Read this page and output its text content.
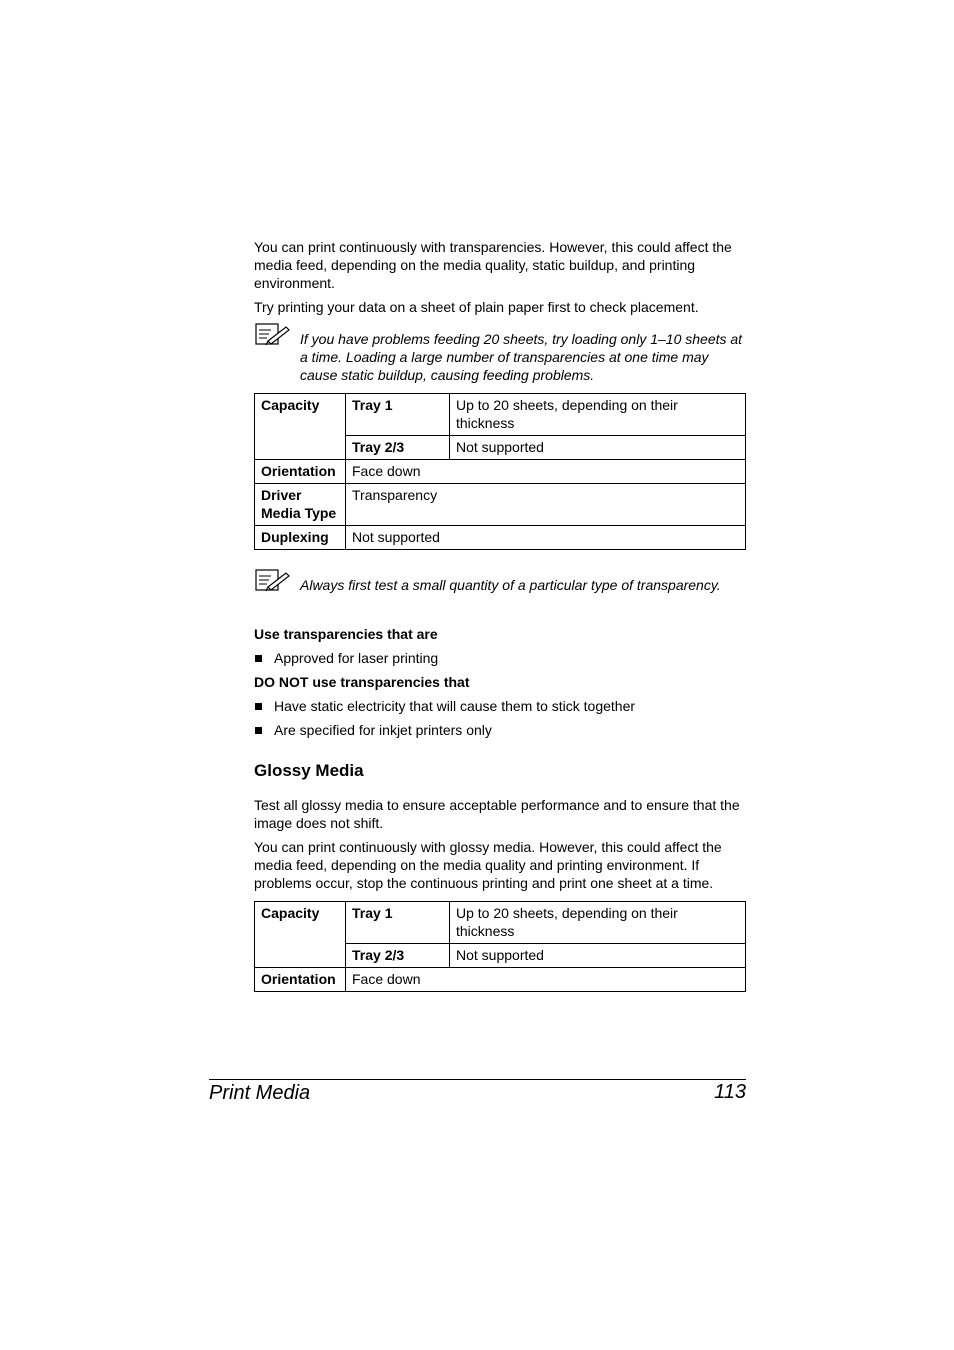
You can print continuously with transparencies. However, this could affect the media feed, depending on the media quality, static buildup, and printing environment.

Try printing your data on a sheet of plain paper first to check placement.

If you have problems feeding 20 sheets, try loading only 1–10 sheets at a time. Loading a large number of transparencies at one time may cause static buildup, causing feeding problems.
Capacity	Tray 1	Up to 20 sheets, depending on their thickness
	Tray 2/3	Not supported
Orientation	Face down	
Driver Media Type	Transparency	
Duplexing	Not supported	
Always first test a small quantity of a particular type of transparency.
Use transparencies that are
Approved for laser printing
DO NOT use transparencies that
Have static electricity that will cause them to stick together
Are specified for inkjet printers only
Glossy Media

Test all glossy media to ensure acceptable performance and to ensure that the image does not shift.

You can print continuously with glossy media. However, this could affect the media feed, depending on the media quality and printing environment. If problems occur, stop the continuous printing and print one sheet at a time.

Capacity	Tray 1	Up to 20 sheets, depending on their thickness
	Tray 2/3	Not supported
Orientation	Face down	
Print Media	113
